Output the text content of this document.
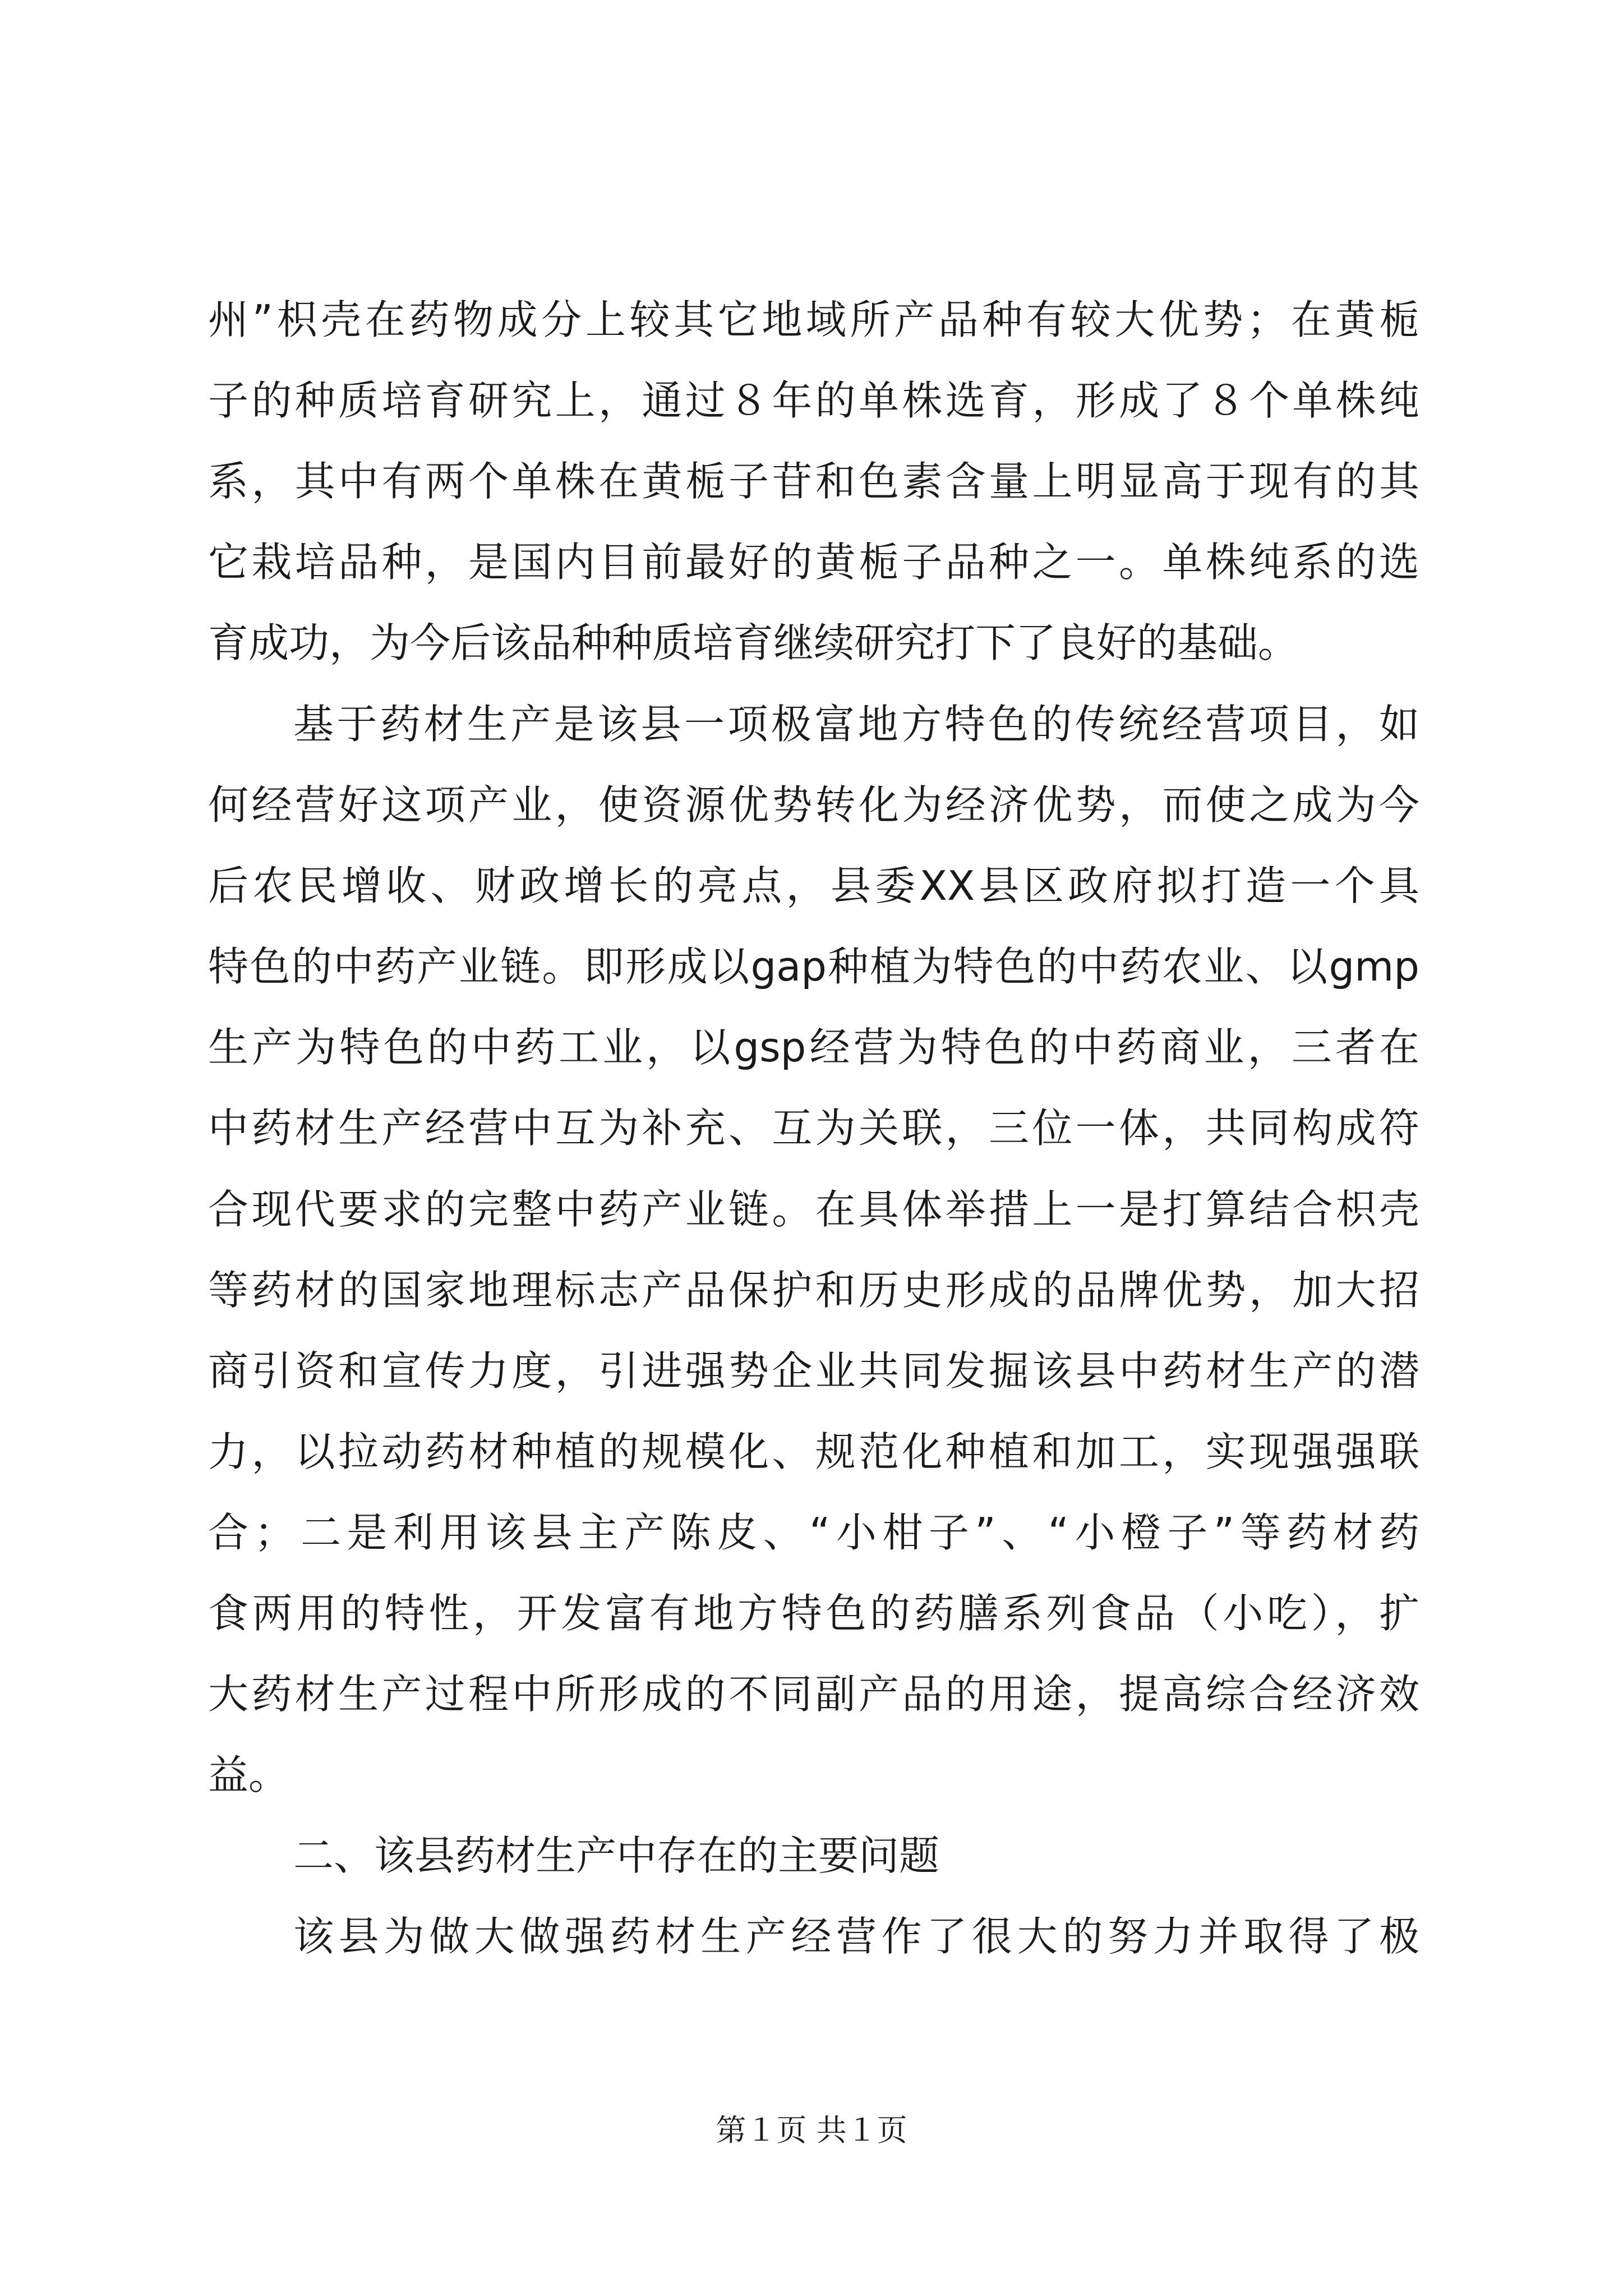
州”枳壳在药物成分上较其它地域所产品种有较大优势；在黄栀
子的种质培育研究上，通过８年的单株选育，形成了８个单株纯
系，其中有两个单株在黄栀子苷和色素含量上明显高于现有的其
它栽培品种，是国内目前最好的黄栀子品种之一。单株纯系的选
育成功，为今后该品种种质培育继续研究打下了良好的基础。
基于药材生产是该县一项极富地方特色的传统经营项目，如
何经营好这项产业，使资源优势转化为经济优势，而使之成为今
后农民增收、财政增长的亮点，县委XX县区政府拟打造一个具
特色的中药产业链。即形成以gap种植为特色的中药农业、以gmp
生产为特色的中药工业，以gsp经营为特色的中药商业，三者在
中药材生产经营中互为补充、互为关联，三位一体，共同构成符
合现代要求的完整中药产业链。在具体举措上一是打算结合枳壳
等药材的国家地理标志产品保护和历史形成的品牌优势，加大招
商引资和宣传力度，引进强势企业共同发掘该县中药材生产的潜
力，以拉动药材种植的规模化、规范化种植和加工，实现强强联
合；二是利用该县主产陈皮、“小柑子”、“小橙子”等药材药
食两用的特性，开发富有地方特色的药膳系列食品（小吃），扩
大药材生产过程中所形成的不同副产品的用途，提高综合经济效
益。
二、该县药材生产中存在的主要问题
该县为做大做强药材生产经营作了很大的努力并取得了极
第１页 共１页
